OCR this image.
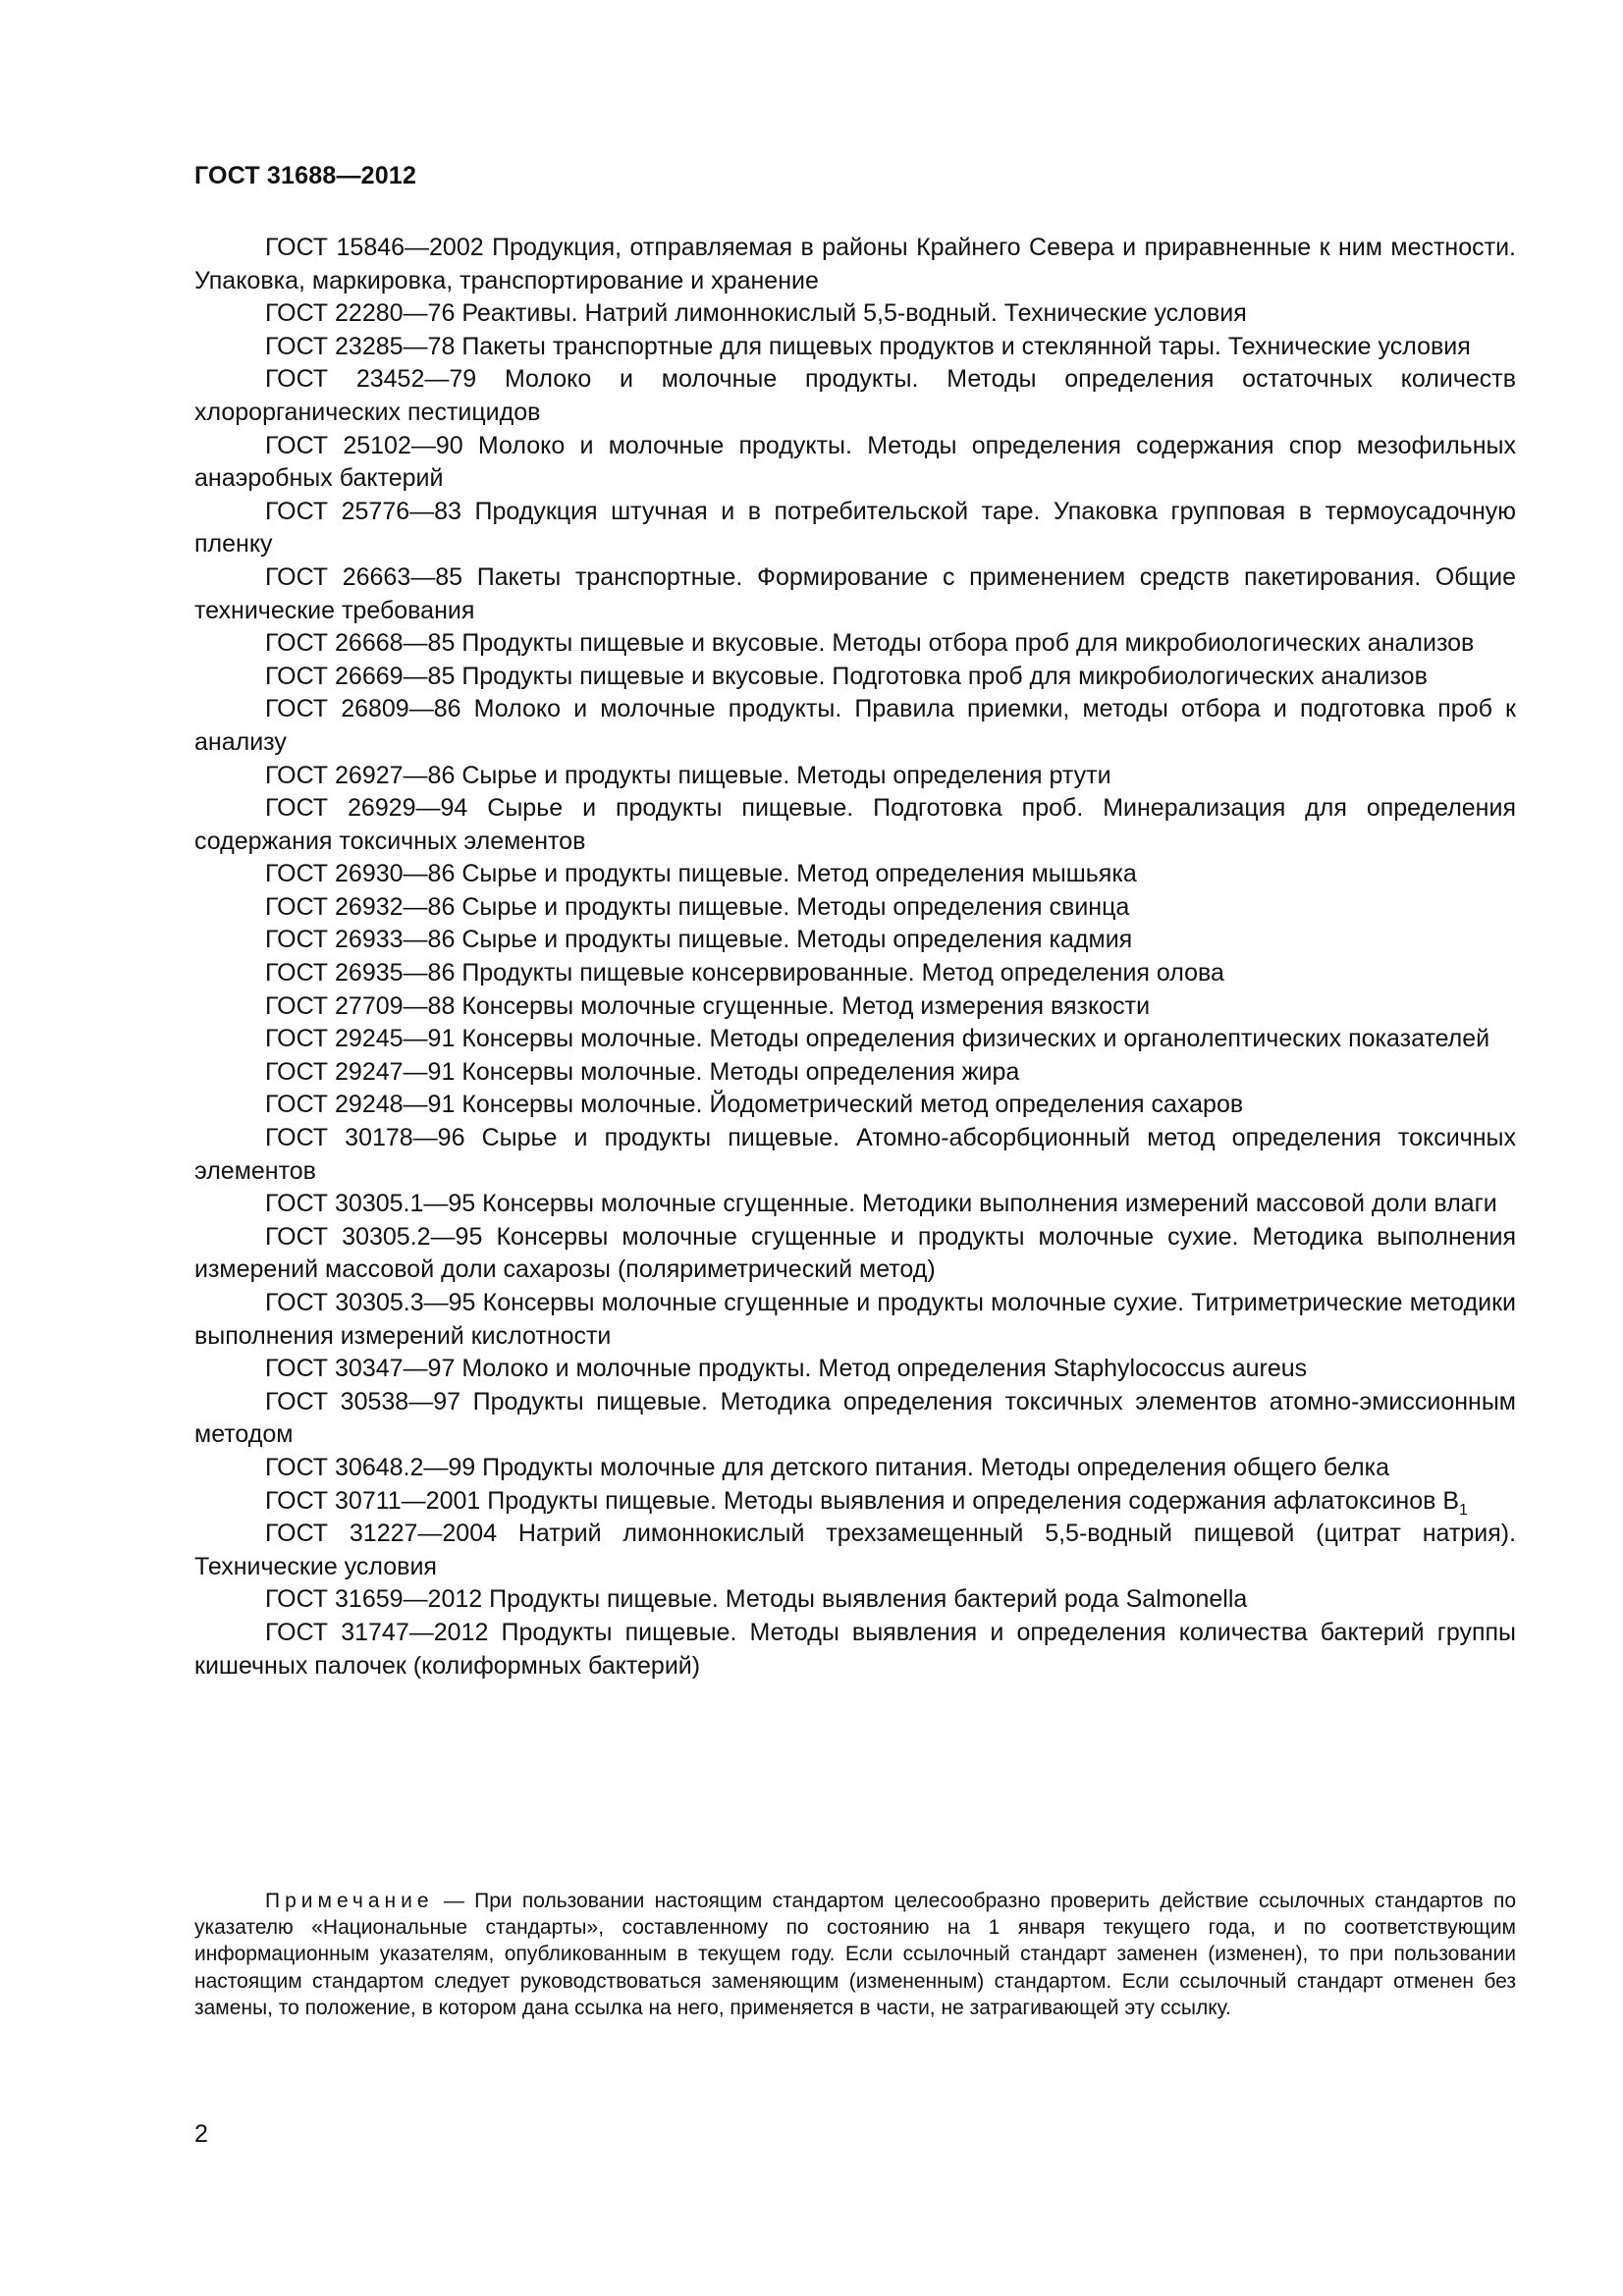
ГОСТ 31688—2012

ГОСТ 15846—2002 Продукция, отправляемая в районы Крайнего Севера и приравненные к ним местности. Упаковка, маркировка, транспортирование и хранение

ГОСТ 22280—76 Реактивы. Натрий лимоннокислый 5,5-водный. Технические условия

ГОСТ 23285—78 Пакеты транспортные для пищевых продуктов и стеклянной тары. Технические условия

ГОСТ 23452—79 Молоко и молочные продукты. Методы определения остаточных количеств хлорорганических пестицидов

ГОСТ 25102—90 Молоко и молочные продукты. Методы определения содержания спор мезофильных анаэробных бактерий

ГОСТ 25776—83 Продукция штучная и в потребительской таре. Упаковка групповая в термоусадочную пленку

ГОСТ 26663—85 Пакеты транспортные. Формирование с применением средств пакетирования. Общие технические требования

ГОСТ 26668—85 Продукты пищевые и вкусовые. Методы отбора проб для микробиологических анализов

ГОСТ 26669—85 Продукты пищевые и вкусовые. Подготовка проб для микробиологических анализов

ГОСТ 26809—86 Молоко и молочные продукты. Правила приемки, методы отбора и подготовка проб к анализу

ГОСТ 26927—86 Сырье и продукты пищевые. Методы определения ртути

ГОСТ 26929—94 Сырье и продукты пищевые. Подготовка проб. Минерализация для определения содержания токсичных элементов

ГОСТ 26930—86 Сырье и продукты пищевые. Метод определения мышьяка

ГОСТ 26932—86 Сырье и продукты пищевые. Методы определения свинца

ГОСТ 26933—86 Сырье и продукты пищевые. Методы определения кадмия

ГОСТ 26935—86 Продукты пищевые консервированные. Метод определения олова

ГОСТ 27709—88 Консервы молочные сгущенные. Метод измерения вязкости

ГОСТ 29245—91 Консервы молочные. Методы определения физических и органолептических показателей

ГОСТ 29247—91 Консервы молочные. Методы определения жира

ГОСТ 29248—91 Консервы молочные. Йодометрический метод определения сахаров

ГОСТ 30178—96 Сырье и продукты пищевые. Атомно-абсорбционный метод определения токсичных элементов

ГОСТ 30305.1—95 Консервы молочные сгущенные. Методики выполнения измерений массовой доли влаги

ГОСТ 30305.2—95 Консервы молочные сгущенные и продукты молочные сухие. Методика выполнения измерений массовой доли сахарозы (поляриметрический метод)

ГОСТ 30305.3—95 Консервы молочные сгущенные и продукты молочные сухие. Титриметрические методики выполнения измерений кислотности

ГОСТ 30347—97 Молоко и молочные продукты. Метод определения Staphylococcus aureus

ГОСТ 30538—97 Продукты пищевые. Методика определения токсичных элементов атомно-эмиссионным методом

ГОСТ 30648.2—99 Продукты молочные для детского питания. Методы определения общего белка

ГОСТ 30711—2001 Продукты пищевые. Методы выявления и определения содержания афлатоксинов $B_1$

ГОСТ 31227—2004 Натрий лимоннокислый трехзамещенный 5,5-водный пищевой (цитрат натрия). Технические условия

ГОСТ 31659—2012 Продукты пищевые. Методы выявления бактерий рода Salmonella

ГОСТ 31747—2012 Продукты пищевые. Методы выявления и определения количества бактерий группы кишечных палочек (колиформных бактерий)

Примечание — При пользовании настоящим стандартом целесообразно проверить действие ссылочных стандартов по указателю «Национальные стандарты», составленному по состоянию на 1 января текущего года, и по соответствующим информационным указателям, опубликованным в текущем году. Если ссылочный стандарт заменен (изменен), то при пользовании настоящим стандартом следует руководствоваться заменяющим (измененным) стандартом. Если ссылочный стандарт отменен без замены, то положение, в котором дана ссылка на него, применяется в части, не затрагивающей эту ссылку.

2
